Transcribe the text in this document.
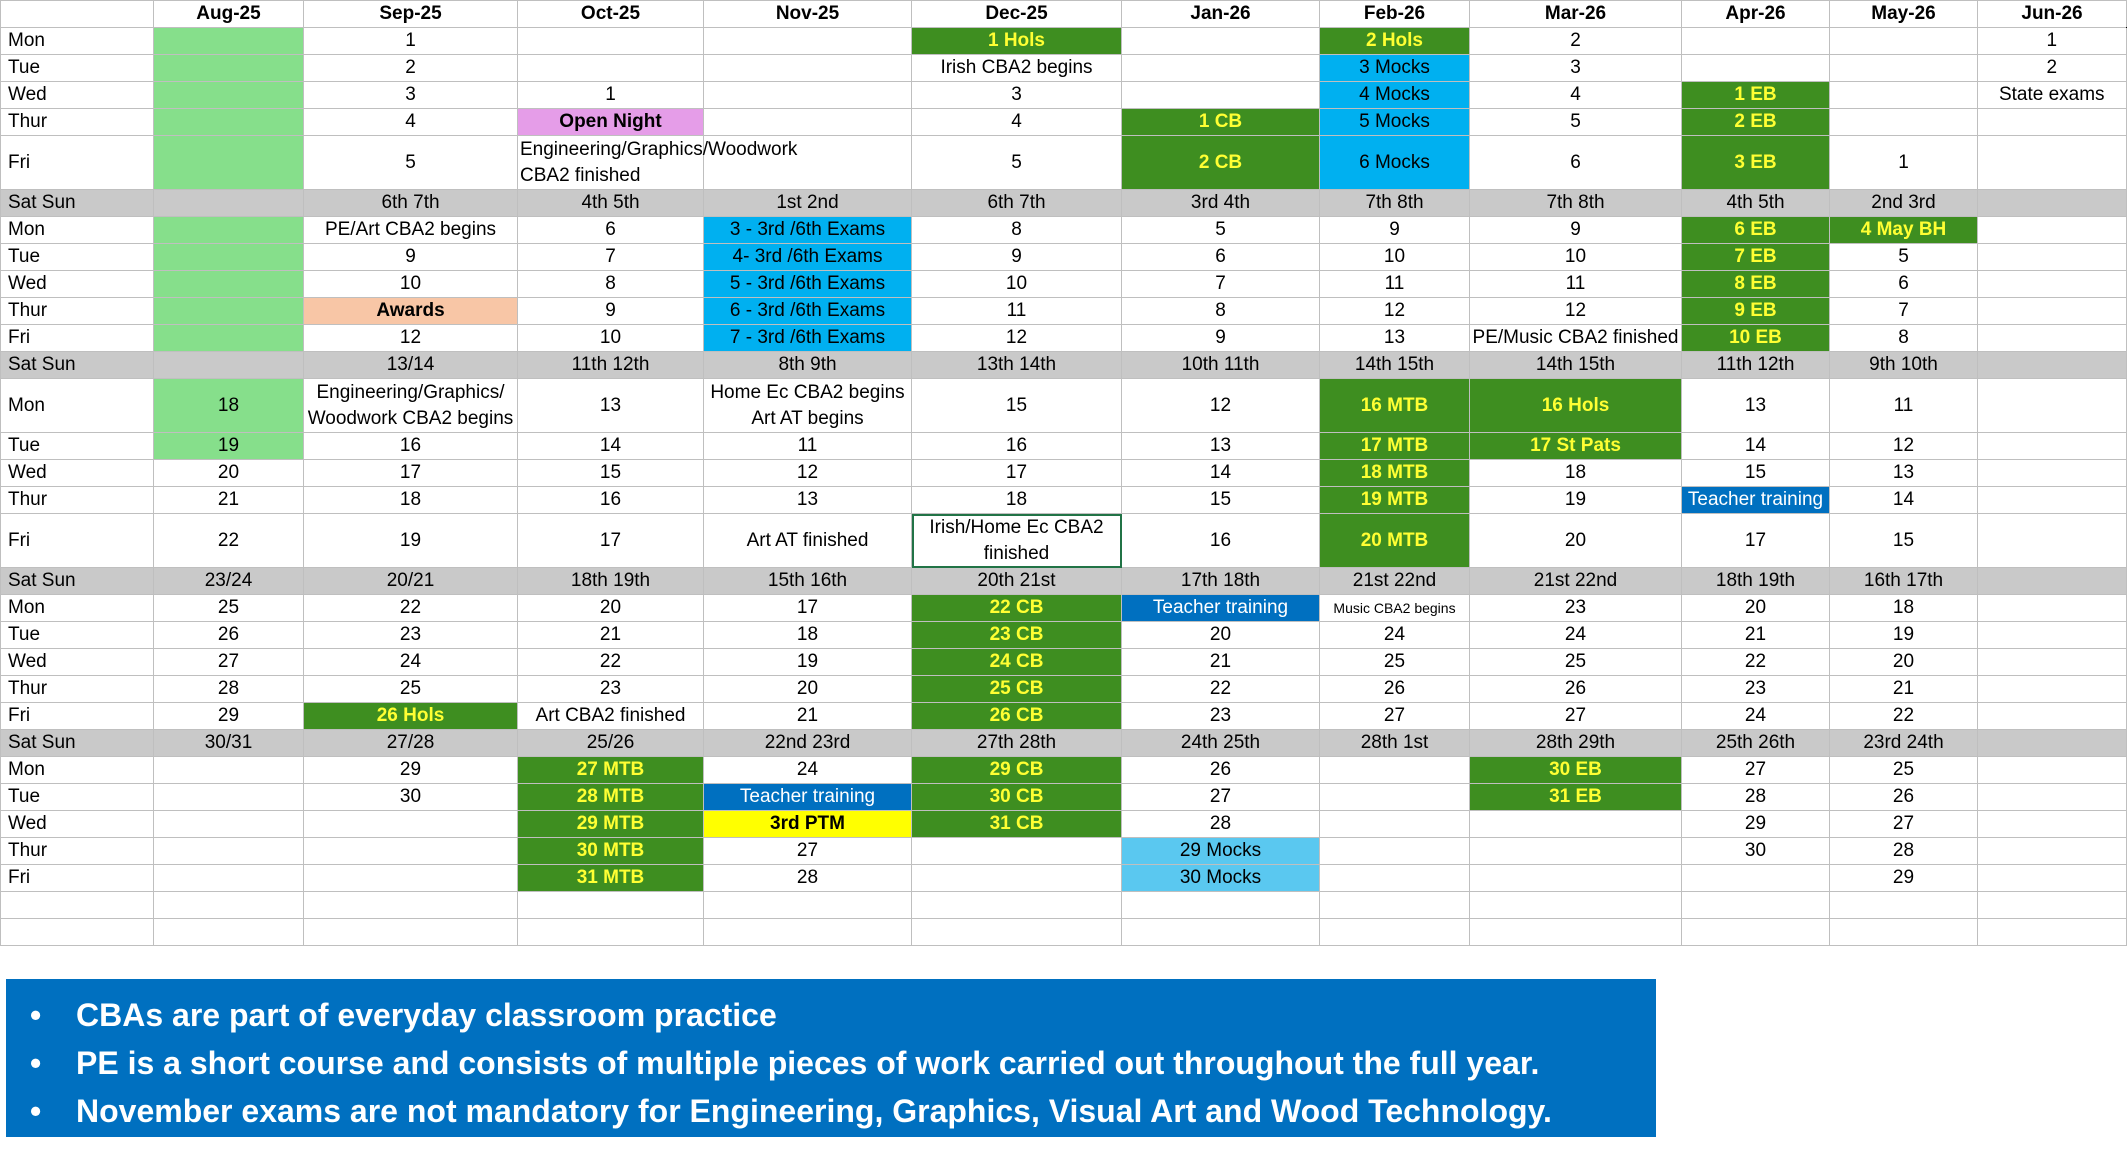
	Aug-25	Sep-25	Oct-25	Nov-25	Dec-25	Jan-26	Feb-26	Mar-26	Apr-26	May-26	Jun-26	
Mon		1			1 Hols		2 Hols	2			1	
Tue		2			Irish CBA2 begins		3 Mocks	3			2	
Wed		3	1		3		4 Mocks	4	1 EB		State exams	
Thur		4	Open Night		4	1 CB	5 Mocks	5	2 EB			
Fri		5	Engineering/Graphics/Woodwork CBA2 finished		5	2 CB	6 Mocks	6	3 EB	1		
Sat Sun		6th 7th	4th 5th	1st 2nd	6th 7th	3rd 4th	7th 8th	7th 8th	4th 5th	2nd 3rd		
Mon		PE/Art CBA2 begins	6	3 - 3rd /6th Exams	8	5	9	9	6 EB	4 May BH		
Tue		9	7	4- 3rd /6th Exams	9	6	10	10	7 EB	5		
Wed		10	8	5 - 3rd /6th Exams	10	7	11	11	8 EB	6		
Thur		Awards	9	6 - 3rd /6th Exams	11	8	12	12	9 EB	7		
Fri		12	10	7 - 3rd /6th Exams	12	9	13	PE/Music CBA2 finished	10 EB	8		
Sat Sun		13/14	11th 12th	8th 9th	13th 14th	10th 11th	14th 15th	14th 15th	11th 12th	9th 10th		
Mon	18	Engineering/Graphics/ Woodwork CBA2 begins	13	Home Ec CBA2 begins Art AT begins	15	12	16 MTB	16 Hols	13	11		
Tue	19	16	14	11	16	13	17 MTB	17 St Pats	14	12		
Wed	20	17	15	12	17	14	18 MTB	18	15	13		
Thur	21	18	16	13	18	15	19 MTB	19	Teacher training	14		
Fri	22	19	17	Art AT finished	Irish/Home Ec CBA2 finished	16	20 MTB	20	17	15		
Sat Sun	23/24	20/21	18th 19th	15th 16th	20th 21st	17th 18th	21st 22nd	21st 22nd	18th 19th	16th 17th		
Mon	25	22	20	17	22 CB	Teacher training	Music CBA2 begins	23	20	18		
Tue	26	23	21	18	23 CB	20	24	24	21	19		
Wed	27	24	22	19	24 CB	21	25	25	22	20		
Thur	28	25	23	20	25 CB	22	26	26	23	21		
Fri	29	26 Hols	Art CBA2 finished	21	26 CB	23	27	27	24	22		
Sat Sun	30/31	27/28	25/26	22nd 23rd	27th 28th	24th 25th	28th 1st	28th 29th	25th 26th	23rd 24th		
Mon		29	27 MTB	24	29 CB	26		30 EB	27	25		
Tue		30	28 MTB	Teacher training	30 CB	27		31 EB	28	26		
Wed			29 MTB	3rd PTM	31 CB	28			29	27		
Thur			30 MTB	27		29 Mocks			30	28		
Fri			31 MTB	28		30 Mocks				29		

• CBAs are part of everyday classroom practice
• PE is a short course and consists of multiple pieces of work carried out throughout the full year.
• November exams are not mandatory for Engineering, Graphics, Visual Art and Wood Technology.
